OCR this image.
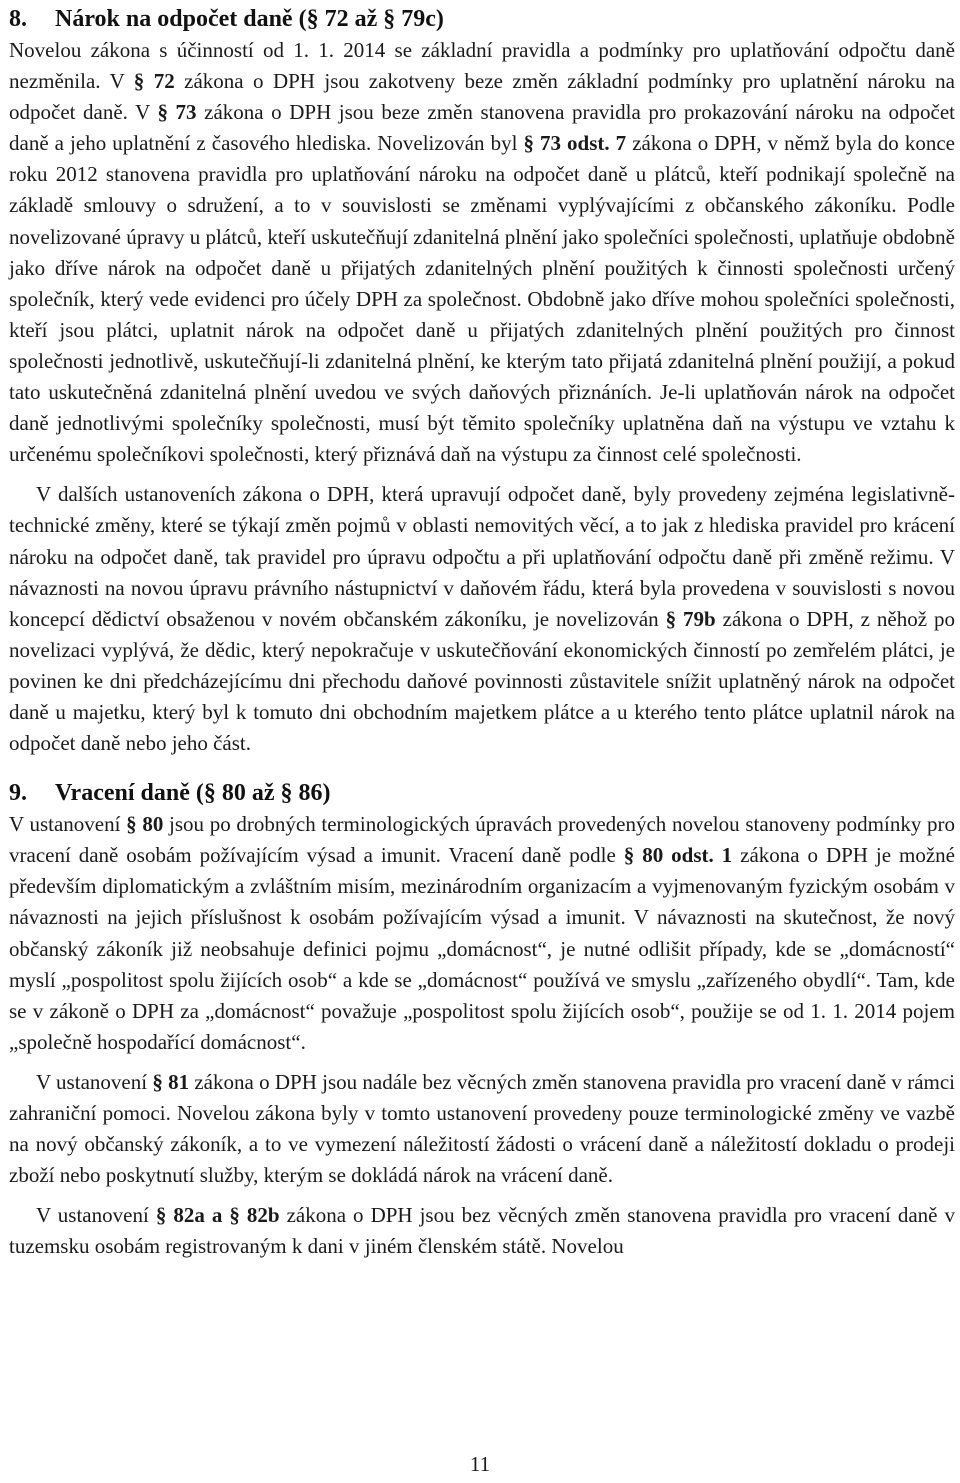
8. Nárok na odpočet daně (§ 72 až § 79c)

Novelou zákona s účinností od 1. 1. 2014 se základní pravidla a podmínky pro uplatňování odpočtu daně nezměnila. V § 72 zákona o DPH jsou zakotveny beze změn základní podmínky pro uplatnění nároku na odpočet daně. V § 73 zákona o DPH jsou beze změn stanovena pravidla pro prokazování nároku na odpočet daně a jeho uplatnění z časového hlediska. Novelizován byl § 73 odst. 7 zákona o DPH, v němž byla do konce roku 2012 stanovena pravidla pro uplatňování nároku na odpočet daně u plátců, kteří podnikají společně na základě smlouvy o sdružení, a to v souvislosti se změnami vyplývajícími z občanského zákoníku. Podle novelizované úpravy u plátců, kteří uskutečňují zdanitelná plnění jako společníci společnosti, uplatňuje obdobně jako dříve nárok na odpočet daně u přijatých zdanitelných plnění použitých k činnosti společnosti určený společník, který vede evidenci pro účely DPH za společnost. Obdobně jako dříve mohou společníci společnosti, kteří jsou plátci, uplatnit nárok na odpočet daně u přijatých zdanitelných plnění použitých pro činnost společnosti jednotlivě, uskutečňují-li zdanitelná plnění, ke kterým tato přijatá zdanitelná plnění použijí, a pokud tato uskutečněná zdanitelná plnění uvedou ve svých daňových přiznáních. Je-li uplatňován nárok na odpočet daně jednotlivými společníky společnosti, musí být těmito společníky uplatněna daň na výstupu ve vztahu k určenému společníkovi společnosti, který přiznává daň na výstupu za činnost celé společnosti.

V dalších ustanoveních zákona o DPH, která upravují odpočet daně, byly provedeny zejména legislativně-technické změny, které se týkají změn pojmů v oblasti nemovitých věcí, a to jak z hlediska pravidel pro krácení nároku na odpočet daně, tak pravidel pro úpravu odpočtu a při uplatňování odpočtu daně při změně režimu. V návaznosti na novou úpravu právního nástupnictví v daňovém řádu, která byla provedena v souvislosti s novou koncepcí dědictví obsaženou v novém občanském zákoníku, je novelizován § 79b zákona o DPH, z něhož po novelizaci vyplývá, že dědic, který nepokračuje v uskutečňování ekonomických činností po zemřelém plátci, je povinen ke dni předcházejícímu dni přechodu daňové povinnosti zůstavitele snížit uplatněný nárok na odpočet daně u majetku, který byl k tomuto dni obchodním majetkem plátce a u kterého tento plátce uplatnil nárok na odpočet daně nebo jeho část.

9. Vracení daně (§ 80 až § 86)

V ustanovení § 80 jsou po drobných terminologických úpravách provedených novelou stanoveny podmínky pro vracení daně osobám požívajícím výsad a imunit. Vracení daně podle § 80 odst. 1 zákona o DPH je možné především diplomatickým a zvláštním misím, mezinárodním organizacím a vyjmenovaným fyzickým osobám v návaznosti na jejich příslušnost k osobám požívajícím výsad a imunit. V návaznosti na skutečnost, že nový občanský zákoník již neobsahuje definici pojmu „domácnost“, je nutné odlišit případy, kde se „domácností“ myslí „pospolitost spolu žijících osob“ a kde se „domácnost“ používá ve smyslu „zařízeného obydlí“. Tam, kde se v zákoně o DPH za „domácnost“ považuje „pospolitost spolu žijících osob“, použije se od 1. 1. 2014 pojem „společně hospodařící domácnost“.

V ustanovení § 81 zákona o DPH jsou nadále bez věcných změn stanovena pravidla pro vracení daně v rámci zahraniční pomoci. Novelou zákona byly v tomto ustanovení provedeny pouze terminologické změny ve vazbě na nový občanský zákoník, a to ve vymezení náležitostí žádosti o vrácení daně a náležitostí dokladu o prodeji zboží nebo poskytnutí služby, kterým se dokládá nárok na vrácení daně.

V ustanovení § 82a a § 82b zákona o DPH jsou bez věcných změn stanovena pravidla pro vracení daně v tuzemsku osobám registrovaným k dani v jiném členském státě. Novelou

11
